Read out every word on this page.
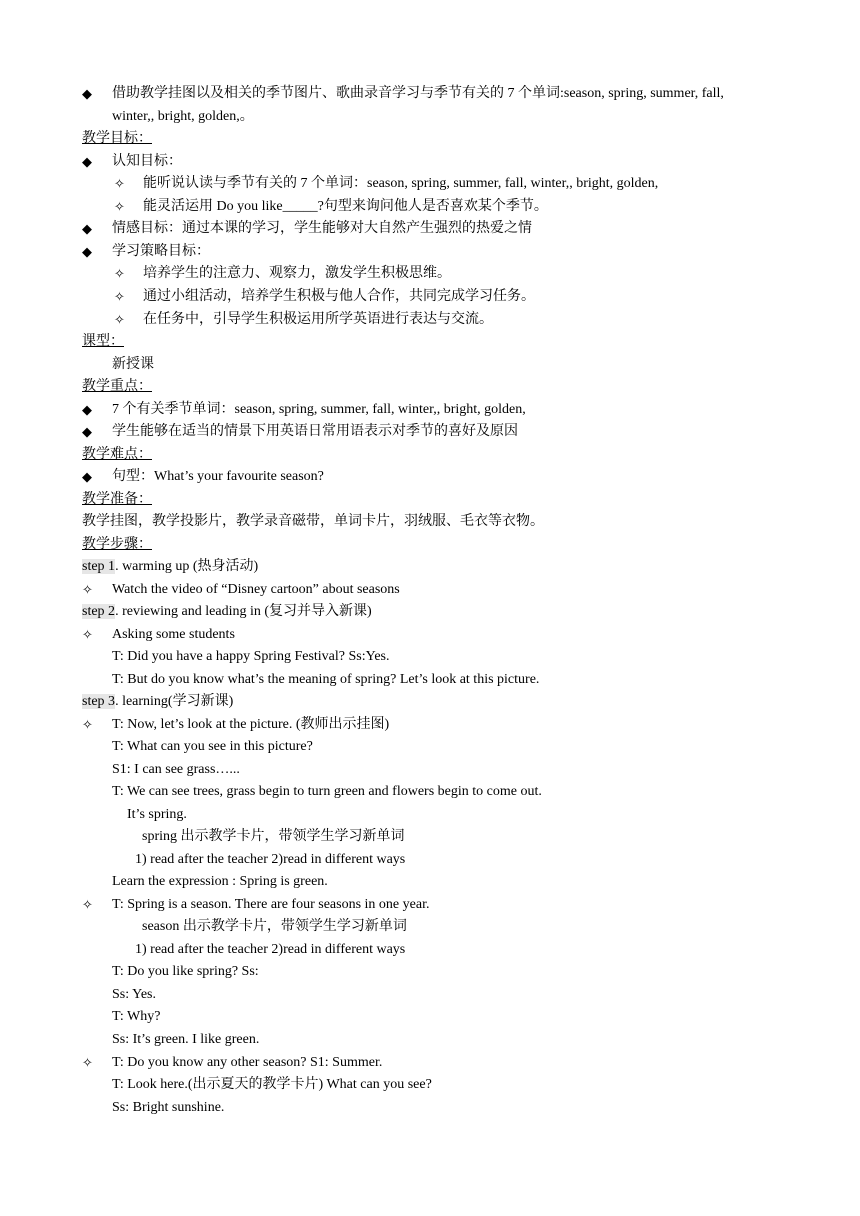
◆ 借助教学挂图以及相关的季节图片、歌曲录音学习与季节有关的 7 个单词:season, spring, summer, fall,
winter,, bright, golden,。
教学目标：
◆ 认知目标：
✧ 能听说认读与季节有关的 7 个单词：season, spring, summer, fall, winter,, bright, golden,
✧ 能灵活运用 Do you like_____?句型来询问他人是否喜欢某个季节。
◆ 情感目标：通过本课的学习，学生能够对大自然产生强烈的热爱之情
◆ 学习策略目标：
✧ 培养学生的注意力、观察力，激发学生积极思维。
✧ 通过小组活动，培养学生积极与他人合作，共同完成学习任务。
✧ 在任务中，引导学生积极运用所学英语进行表达与交流。
课型：
新授课
教学重点：
◆ 7 个有关季节单词：season, spring, summer, fall, winter,, bright, golden,
◆ 学生能够在适当的情景下用英语日常用语表示对季节的喜好及原因
教学难点：
◆ 句型：What’s your favourite season?
教学准备：
教学挂图，教学投影片，教学录音磁带，单词卡片，羽绒服、毛衣等衣物。
教学步骤：
step 1. warming up (热身活动)
✧ Watch the video of “Disney cartoon” about seasons
step 2. reviewing and leading in (复习并导入新课)
✧ Asking some students
T: Did you have a happy Spring Festival? Ss:Yes.
T: But do you know what’s the meaning of spring? Let’s look at this picture.
step 3. learning(学习新课)
✧ T: Now, let’s look at the picture. (教师出示挂图)
T: What can you see in this picture?
S1: I can see grass…...
T: We can see trees, grass begin to turn green and flowers begin to come out.
It’s spring.
spring 出示教学卡片，带领学生学习新单词
1) read after the teacher 2)read in different ways
Learn the expression : Spring is green.
✧ T: Spring is a season. There are four seasons in one year.
season 出示教学卡片，带领学生学习新单词
1) read after the teacher 2)read in different ways
T: Do you like spring? Ss:
Ss: Yes.
T: Why?
Ss: It’s green. I like green.
✧ T: Do you know any other season? S1: Summer.
T: Look here.(出示夏天的教学卡片) What can you see?
Ss: Bright sunshine.
